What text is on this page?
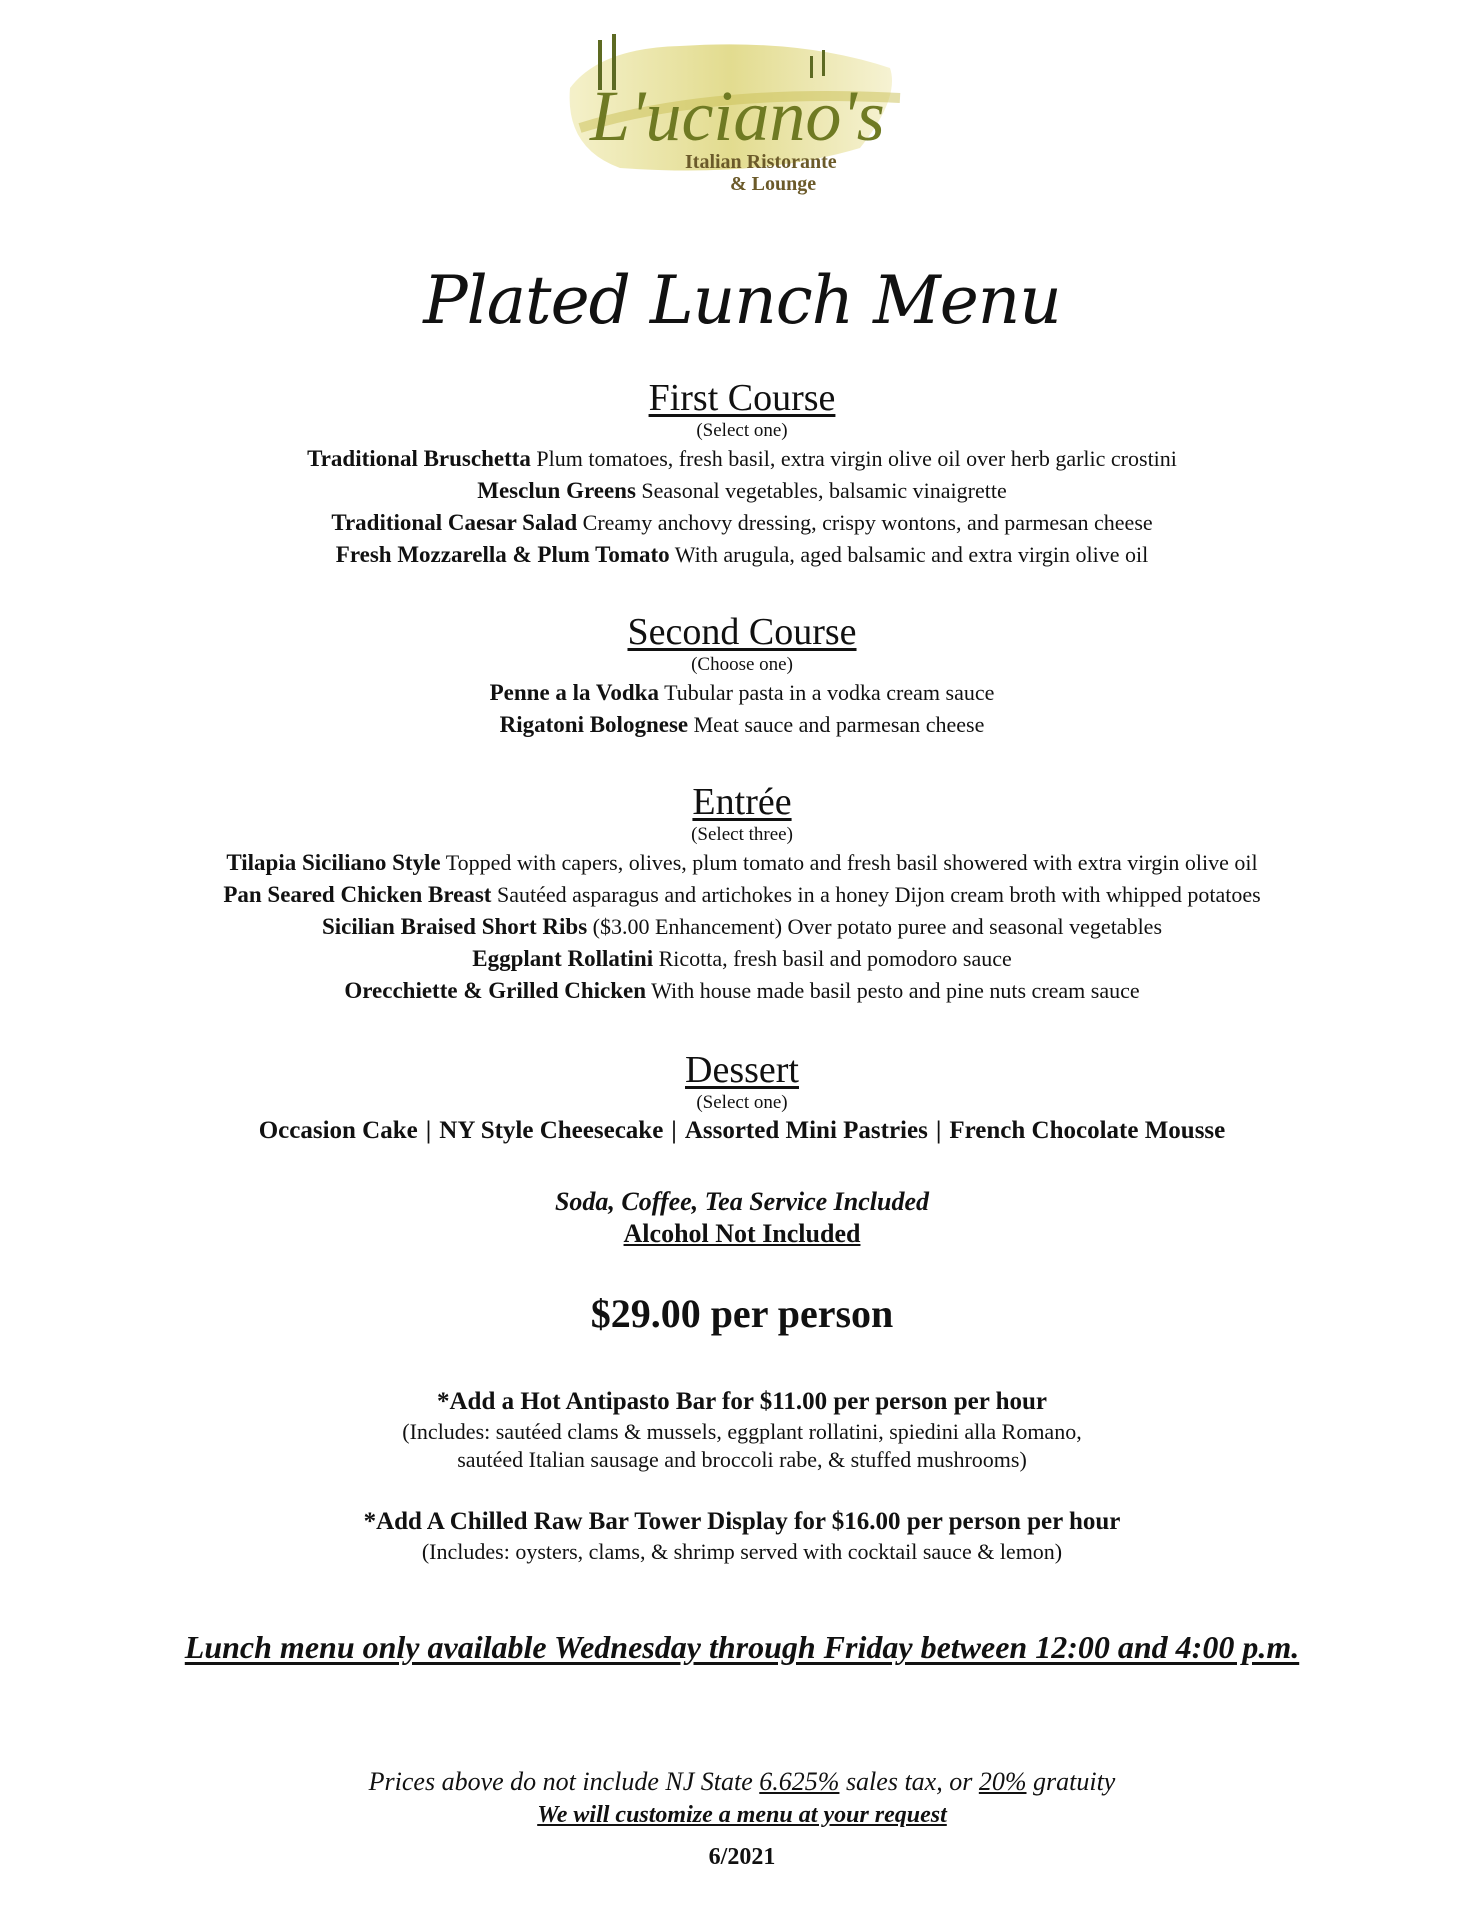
L'uciano's
Italian Ristorante
& Lounge
Plated Lunch Menu
First Course
(Select one)
Traditional Bruschetta Plum tomatoes, fresh basil, extra virgin olive oil over herb garlic crostini
Mesclun Greens Seasonal vegetables, balsamic vinaigrette
Traditional Caesar Salad Creamy anchovy dressing, crispy wontons, and parmesan cheese
Fresh Mozzarella & Plum Tomato With arugula, aged balsamic and extra virgin olive oil
Second Course
(Choose one)
Penne a la Vodka Tubular pasta in a vodka cream sauce
Rigatoni Bolognese Meat sauce and parmesan cheese
Entrée
(Select three)
Tilapia Siciliano Style Topped with capers, olives, plum tomato and fresh basil showered with extra virgin olive oil
Pan Seared Chicken Breast Sautéed asparagus and artichokes in a honey Dijon cream broth with whipped potatoes
Sicilian Braised Short Ribs ($3.00 Enhancement) Over potato puree and seasonal vegetables
Eggplant Rollatini Ricotta, fresh basil and pomodoro sauce
Orecchiette & Grilled Chicken With house made basil pesto and pine nuts cream sauce
Dessert
(Select one)
Occasion Cake | NY Style Cheesecake | Assorted Mini Pastries | French Chocolate Mousse
Soda, Coffee, Tea Service Included
Alcohol Not Included
$29.00 per person
*Add a Hot Antipasto Bar for $11.00 per person per hour
(Includes: sautéed clams & mussels, eggplant rollatini, spiedini alla Romano,
sautéed Italian sausage and broccoli rabe, & stuffed mushrooms)
*Add A Chilled Raw Bar Tower Display for $16.00 per person per hour
(Includes: oysters, clams, & shrimp served with cocktail sauce & lemon)
Lunch menu only available Wednesday through Friday between 12:00 and 4:00 p.m.
Prices above do not include NJ State 6.625% sales tax, or 20% gratuity
We will customize a menu at your request
6/2021
